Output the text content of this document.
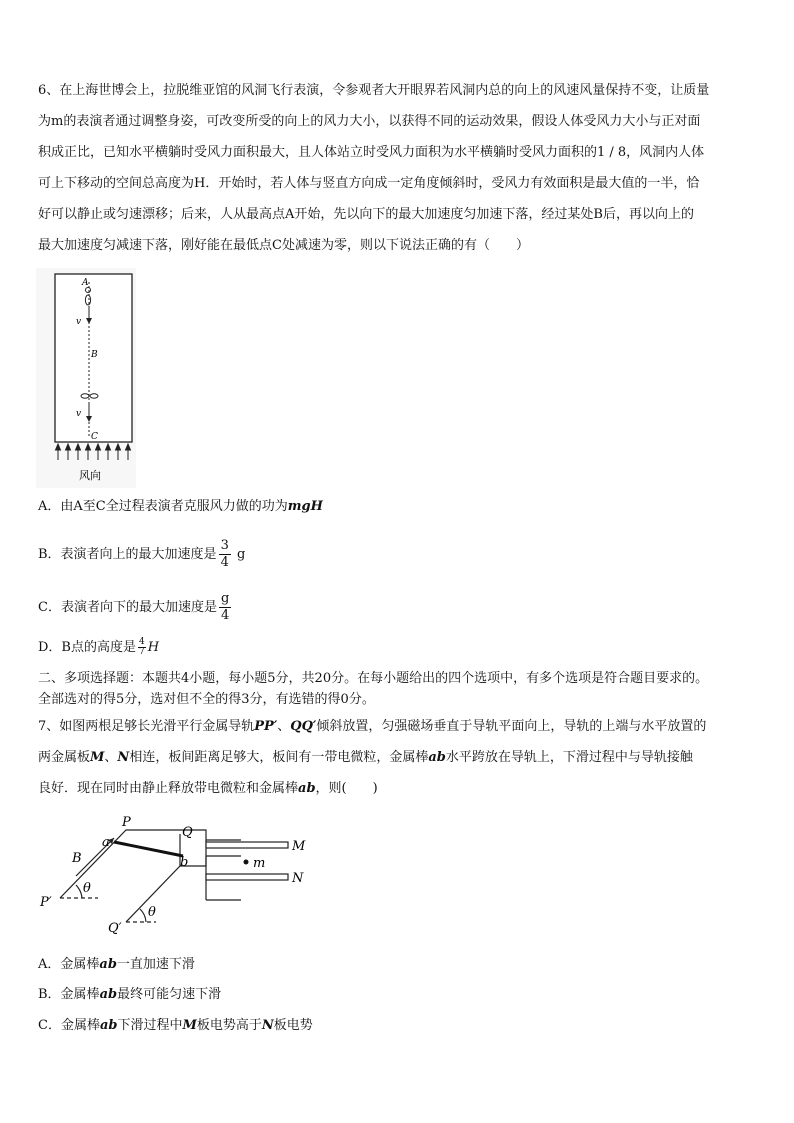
6、在上海世博会上，拉脱维亚馆的风洞飞行表演，令参观者大开眼界若风洞内总的向上的风速风量保持不变，让质量
为m的表演者通过调整身姿，可改变所受的向上的风力大小，以获得不同的运动效果，假设人体受风力大小与正对面
积成正比，已知水平横躺时受风力面积最大，且人体站立时受风力面积为水平横躺时受风力面积的1 / 8，风洞内人体
可上下移动的空间总高度为H．开始时，若人体与竖直方向成一定角度倾斜时，受风力有效面积是最大值的一半，恰
好可以静止或匀速漂移；后来，人从最高点A开始，先以向下的最大加速度匀加速下落，经过某处B后，再以向上的
最大加速度匀减速下落，刚好能在最低点C处减速为零，则以下说法正确的有（　　）
A
v
B
v
C
风向
A．由A至C全过程表演者克服风力做的功为mgH
B．表演者向上的最大加速度是 $\frac{3}{4}$ g
C．表演者向下的最大加速度是 $\frac{g}{4}$
D．B点的高度是 $\frac{4}{7}$ H
二、多项选择题：本题共4小题，每小题5分，共20分。在每小题给出的四个选项中，有多个选项是符合题目要求的。
全部选对的得5分，选对但不全的得3分，有选错的得0分。
7、如图两根足够长光滑平行金属导轨PP′、QQ′倾斜放置，匀强磁场垂直于导轨平面向上，导轨的上端与水平放置的
两金属板M、N相连，板间距离足够大，板间有一带电微粒，金属棒ab水平跨放在导轨上，下滑过程中与导轨接触
良好．现在同时由静止释放带电微粒和金属棒ab，则(　　)
P
Q
a
b
B
P′
Q′
θ
θ
M
N
m
A．金属棒ab一直加速下滑
B．金属棒ab最终可能匀速下滑
C．金属棒ab下滑过程中M板电势高于N板电势
